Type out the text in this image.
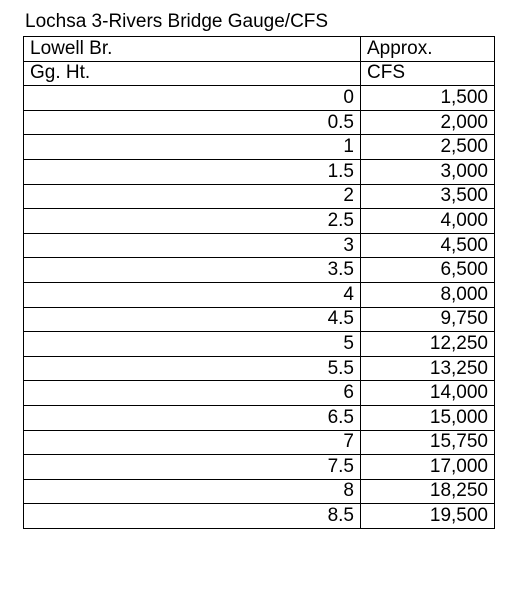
Lochsa 3-Rivers Bridge Gauge/CFS
Lowell Br.	Approx.
Gg. Ht.	CFS
0	1,500
0.5	2,000
1	2,500
1.5	3,000
2	3,500
2.5	4,000
3	4,500
3.5	6,500
4	8,000
4.5	9,750
5	12,250
5.5	13,250
6	14,000
6.5	15,000
7	15,750
7.5	17,000
8	18,250
8.5	19,500
